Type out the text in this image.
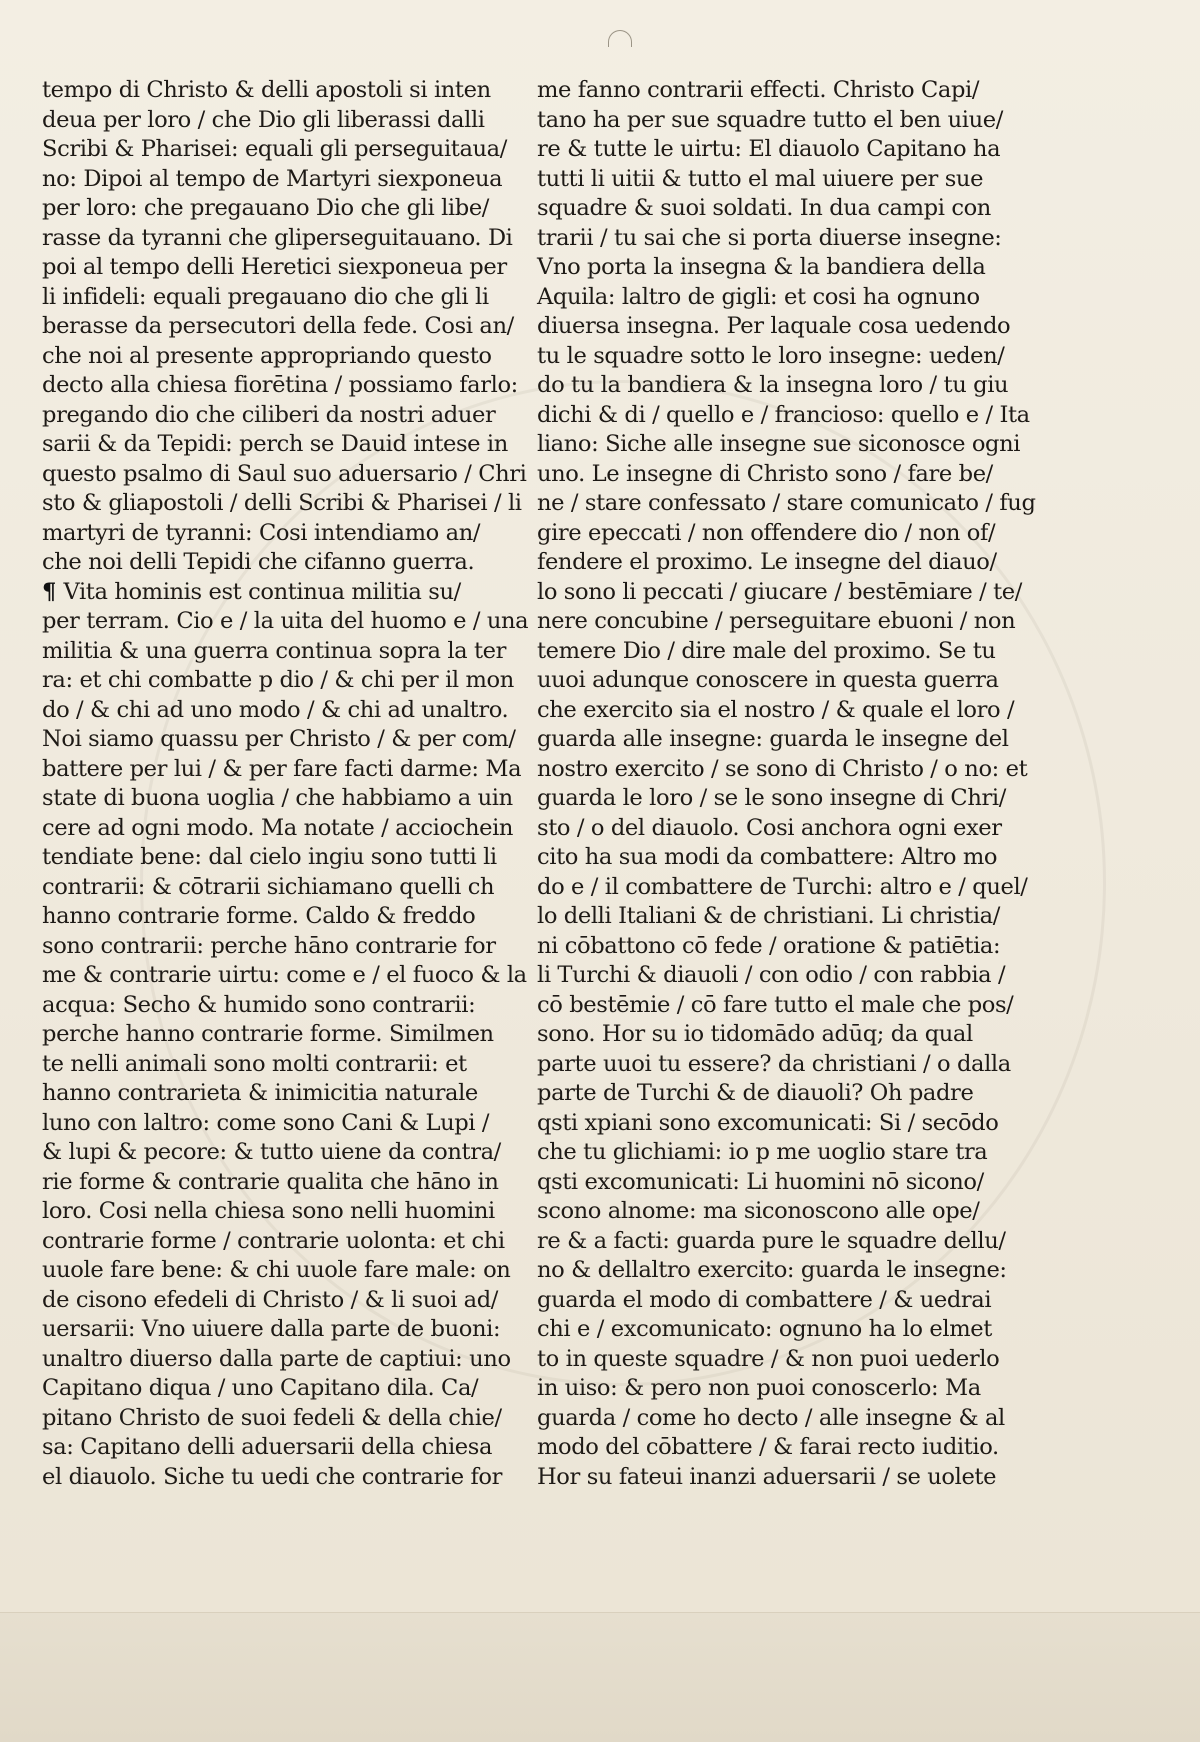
tempo di Christo & delli apostoli si inten
deua per loro / che Dio gli liberassi dalli
Scribi & Pharisei: equali gli perseguitaua/
no: Dipoi al tempo de Martyri siexponeua
per loro: che pregauano Dio che gli libe/
rasse da tyranni che gliperseguitauano. Di
poi al tempo delli Heretici siexponeua per
li infideli: equali pregauano dio che gli li
berasse da persecutori della fede. Cosi an/
che noi al presente appropriando questo
decto alla chiesa fiorētina / possiamo farlo:
pregando dio che ciliberi da nostri aduer
sarii & da Tepidi: perch se Dauid intese in
questo psalmo di Saul suo aduersario / Chri
sto & gliapostoli / delli Scribi & Pharisei / li
martyri de tyranni: Cosi intendiamo an/
che noi delli Tepidi che cifanno guerra.
¶ Vita hominis est continua militia su/
per terram. Cio e / la uita del huomo e / una
militia & una guerra continua sopra la ter
ra: et chi combatte p dio / & chi per il mon
do / & chi ad uno modo / & chi ad unaltro.
Noi siamo quassu per Christo / & per com/
battere per lui / & per fare facti darme: Ma
state di buona uoglia / che habbiamo a uin
cere ad ogni modo. Ma notate / acciochein
tendiate bene: dal cielo ingiu sono tutti li
contrarii: & cōtrarii sichiamano quelli ch
hanno contrarie forme. Caldo & freddo
sono contrarii: perche hāno contrarie for
me & contrarie uirtu: come e / el fuoco & la
acqua: Secho & humido sono contrarii:
perche hanno contrarie forme. Similmen
te nelli animali sono molti contrarii: et
hanno contrarieta & inimicitia naturale
luno con laltro: come sono Cani & Lupi /
& lupi & pecore: & tutto uiene da contra/
rie forme & contrarie qualita che hāno in
loro. Cosi nella chiesa sono nelli huomini
contrarie forme / contrarie uolonta: et chi
uuole fare bene: & chi uuole fare male: on
de cisono efedeli di Christo / & li suoi ad/
uersarii: Vno uiuere dalla parte de buoni:
unaltro diuerso dalla parte de captiui: uno
Capitano diqua / uno Capitano dila. Ca/
pitano Christo de suoi fedeli & della chie/
sa: Capitano delli aduersarii della chiesa
el diauolo. Siche tu uedi che contrarie for
me fanno contrarii effecti. Christo Capi/
tano ha per sue squadre tutto el ben uiue/
re & tutte le uirtu: El diauolo Capitano ha
tutti li uitii & tutto el mal uiuere per sue
squadre & suoi soldati. In dua campi con
trarii / tu sai che si porta diuerse insegne:
Vno porta la insegna & la bandiera della
Aquila: laltro de gigli: et cosi ha ognuno
diuersa insegna. Per laquale cosa uedendo
tu le squadre sotto le loro insegne: ueden/
do tu la bandiera & la insegna loro / tu giu
dichi & di / quello e / franciosо: quello e / Ita
liano: Siche alle insegne sue siconosce ogni
uno. Le insegne di Christo sono / fare be/
ne / stare confessato / stare comunicato / fug
gire epeccati / non offendere dio / non of/
fendere el proximo. Le insegne del diauo/
lo sono li peccati / giucare / bestēmiare / te/
nere concubine / perseguitare ebuoni / non
temere Dio / dire male del proximo. Se tu
uuoi adunque conoscere in questa guerra
che exercito sia el nostro / & quale el loro /
guarda alle insegne: guarda le insegne del
nostro exercito / se sono di Christo / o no: et
guarda le loro / se le sono insegne di Chri/
sto / o del diauolo. Cosi anchora ogni exer
cito ha sua modi da combattere: Altro mo
do e / il combattere de Turchi: altro e / quel/
lo delli Italiani & de christiani. Li christia/
ni cōbattono cō fede / oratione & patiētia:
li Turchi & diauoli / con odio / con rabbia /
cō bestēmie / cō fare tutto el male che pos/
sono. Hor su io tidomādo adūq; da qual
parte uuoi tu essere? da christiani / o dalla
parte de Turchi & de diauoli? Oh padre
qsti xpiani sono excomunicati: Si / secōdo
che tu glichiami: io p me uoglio stare tra
qsti excomunicati: Li huomini nō sicono/
scono alnome: ma siconoscono alle ope/
re & a facti: guarda pure le squadre dellu/
no & dellaltro exercito: guarda le insegne:
guarda el modo di combattere / & uedrai
chi e / excomunicato: ognuno ha lo elmet
to in queste squadre / & non puoi uederlo
in uiso: & pero non puoi conoscerlo: Ma
guarda / come ho decto / alle insegne & al
modo del cōbattere / & farai recto iuditio.
Hor su fateui inanzi aduersarii / se uolete
